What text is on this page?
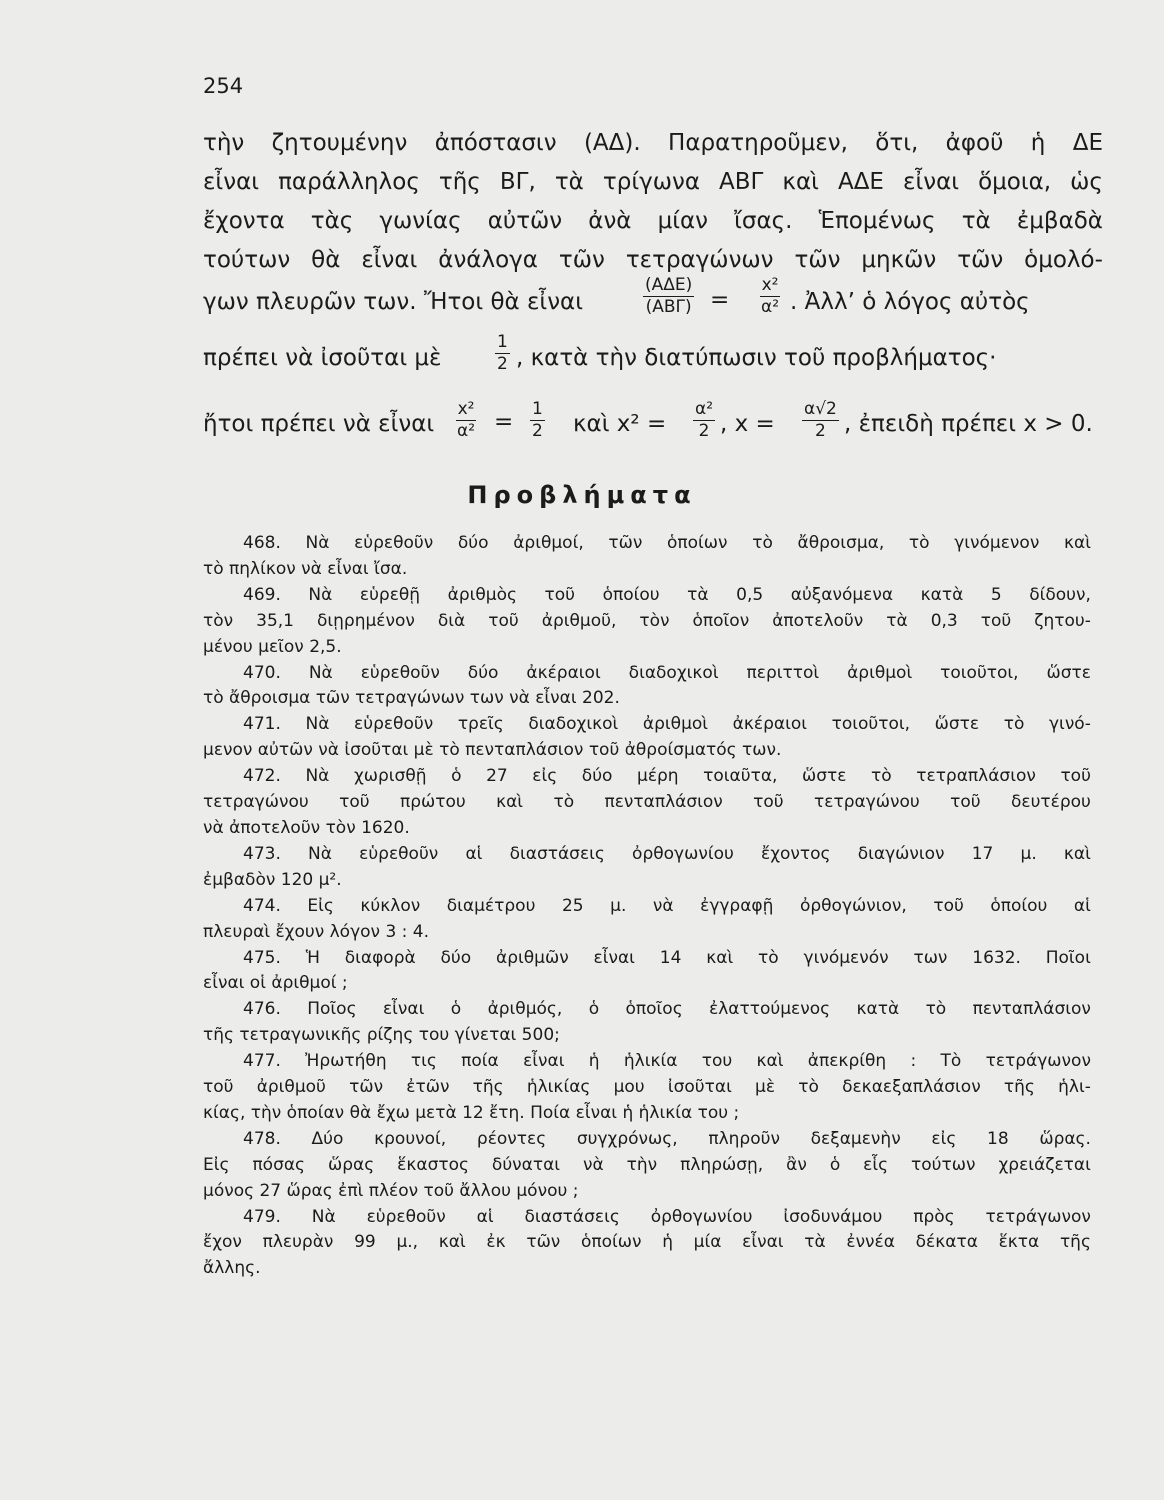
254
τὴν ζητουμένην ἀπόστασιν (ΑΔ). Παρατηροῦμεν, ὅτι, ἀφοῦ ἡ ΔΕ
εἶναι παράλληλος τῆς ΒΓ, τὰ τρίγωνα ΑΒΓ καὶ ΑΔΕ εἶναι ὅμοια, ὡς
ἔχοντα τὰς γωνίας αὐτῶν ἀνὰ μίαν ἴσας. Ἑπομένως τὰ ἐμβαδὰ
τούτων θὰ εἶναι ἀνάλογα τῶν τετραγώνων τῶν μηκῶν τῶν ὁμολό-
γων πλευρῶν των. Ἤτοι θὰ εἶναι
(ΑΔΕ)
$(AB\Gamma) = \frac{\text{x²}}{\text{α²}}$ . Ἀλλ’ ὁ λόγος αὐτὸς
πρέπει νὰ ἰσοῦται μὲ	$\frac{1}{2}$ , κατὰ τὴν διατύπωσιν τοῦ προβλήματος·
ἤτοι πρέπει νὰ εἶναι $\frac{\text{x²}}{\text{α²}} = \frac{1}{2}$ καὶ $x^2 = \frac{\text{α²}}{2}$ , $x = \frac{\alpha√2}{2}$ , ἐπειδὴ πρέπει x > 0.
Προβλήματα
468. Νὰ εὑρεθοῦν δύο ἀριθμοί, τῶν ὁποίων τὸ ἄθροισμα, τὸ γινόμενον καὶ
τὸ πηλίκον νὰ εἶναι ἴσα.
469. Νὰ εὑρεθῇ ἀριθμὸς τοῦ ὁποίου τὰ 0,5 αὐξανόμενα κατὰ 5 δίδουν,
τὸν 35,1 διῃρημένον διὰ τοῦ ἀριθμοῦ, τὸν ὁποῖον ἀποτελοῦν τὰ 0,3 τοῦ ζητου-
μένου μεῖον 2,5.
470. Νὰ εὑρεθοῦν δύο ἀκέραιοι διαδοχικοὶ περιττοὶ ἀριθμοὶ τοιοῦτοι, ὥστε
τὸ ἄθροισμα τῶν τετραγώνων των νὰ εἶναι 202.
471. Νὰ εὑρεθοῦν τρεῖς διαδοχικοὶ ἀριθμοὶ ἀκέραιοι τοιοῦτοι, ὥστε τὸ γινό-
μενον αὐτῶν νὰ ἰσοῦται μὲ τὸ πενταπλάσιον τοῦ ἀθροίσματός των.
472. Νὰ χωρισθῇ ὁ 27 εἰς δύο μέρη τοιαῦτα, ὥστε τὸ τετραπλάσιον τοῦ
τετραγώνου τοῦ πρώτου καὶ τὸ πενταπλάσιον τοῦ τετραγώνου τοῦ δευτέρου
νὰ ἀποτελοῦν τὸν 1620.
473. Νὰ εὑρεθοῦν αἱ διαστάσεις ὀρθογωνίου ἔχοντος διαγώνιον 17 μ. καὶ
ἐμβαδὸν 120 μ².
474. Εἰς κύκλον διαμέτρου 25 μ. νὰ ἐγγραφῇ ὀρθογώνιον, τοῦ ὁποίου αἱ
πλευραὶ ἔχουν λόγον 3 : 4.
475. Ἡ διαφορὰ δύο ἀριθμῶν εἶναι 14 καὶ τὸ γινόμενόν των 1632. Ποῖοι
εἶναι οἱ ἀριθμοί ;
476. Ποῖος εἶναι ὁ ἀριθμός, ὁ ὁποῖος ἐλαττούμενος κατὰ τὸ πενταπλάσιον
τῆς τετραγωνικῆς ρίζης του γίνεται 500;
477. Ἠρωτήθη τις ποία εἶναι ἡ ἡλικία του καὶ ἀπεκρίθη : Τὸ τετράγωνον
τοῦ ἀριθμοῦ τῶν ἐτῶν τῆς ἡλικίας μου ἰσοῦται μὲ τὸ δεκαεξαπλάσιον τῆς ἡλι-
κίας, τὴν ὁποίαν θὰ ἔχω μετὰ 12 ἔτη. Ποία εἶναι ἡ ἡλικία του ;
478. Δύο κρουνοί, ρέοντες συγχρόνως, πληροῦν δεξαμενὴν εἰς 18 ὥρας.
Εἰς πόσας ὥρας ἕκαστος δύναται νὰ τὴν πληρώσῃ, ἂν ὁ εἷς τούτων χρειάζεται
μόνος 27 ὥρας ἐπὶ πλέον τοῦ ἄλλου μόνου ;
479. Νὰ εὑρεθοῦν αἱ διαστάσεις ὀρθογωνίου ἰσοδυνάμου πρὸς τετράγωνον
ἔχον πλευρὰν 99 μ., καὶ ἐκ τῶν ὁποίων ἡ μία εἶναι τὰ ἐννέα δέκατα ἕκτα τῆς
ἄλλης.
